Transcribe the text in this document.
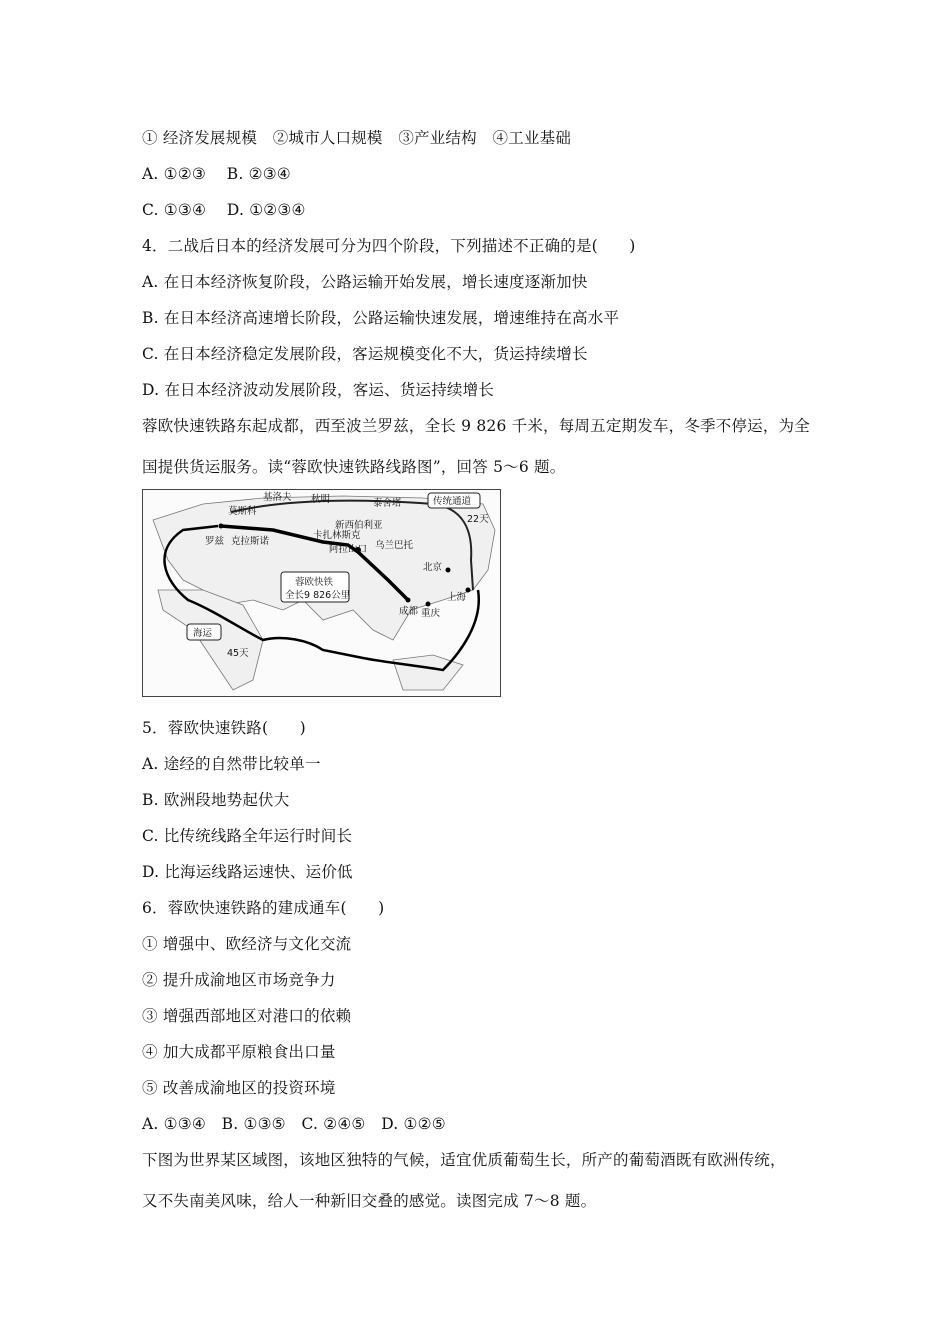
① 经济发展规模　②城市人口规模　③产业结构　④工业基础
A. ①②③　 B. ②③④
C. ①③④　 D. ①②③④
4．二战后日本的经济发展可分为四个阶段，下列描述不正确的是(　　)
A. 在日本经济恢复阶段，公路运输开始发展，增长速度逐渐加快
B. 在日本经济高速增长阶段，公路运输快速发展，增速维持在高水平
C. 在日本经济稳定发展阶段，客运规模变化不大，货运持续增长
D. 在日本经济波动发展阶段，客运、货运持续增长
蓉欧快速铁路东起成都，西至波兰罗兹，全长 9 826 千米，每周五定期发车，冬季不停运，为全
国提供货运服务。读“蓉欧快速铁路线路图”，回答 5～6 题。
基洛夫 秋明	泰舍塔
莫斯科
新西伯利亚
罗兹 克拉斯诺
卡扎林斯克
阿拉山口 乌兰巴托
北京
成都 重庆
上海
传统通道
22天
蓉欧快铁
全长9 826公里
海运
45天
5．蓉欧快速铁路(　　)
A. 途经的自然带比较单一
B. 欧洲段地势起伏大
C. 比传统线路全年运行时间长
D. 比海运线路运速快、运价低
6．蓉欧快速铁路的建成通车(　　)
① 增强中、欧经济与文化交流
② 提升成渝地区市场竞争力
③ 增强西部地区对港口的依赖
④ 加大成都平原粮食出口量
⑤ 改善成渝地区的投资环境
A. ①③④　B. ①③⑤　C. ②④⑤　D. ①②⑤
下图为世界某区域图，该地区独特的气候，适宜优质葡萄生长，所产的葡萄酒既有欧洲传统，
又不失南美风味，给人一种新旧交叠的感觉。读图完成 7～8 题。
